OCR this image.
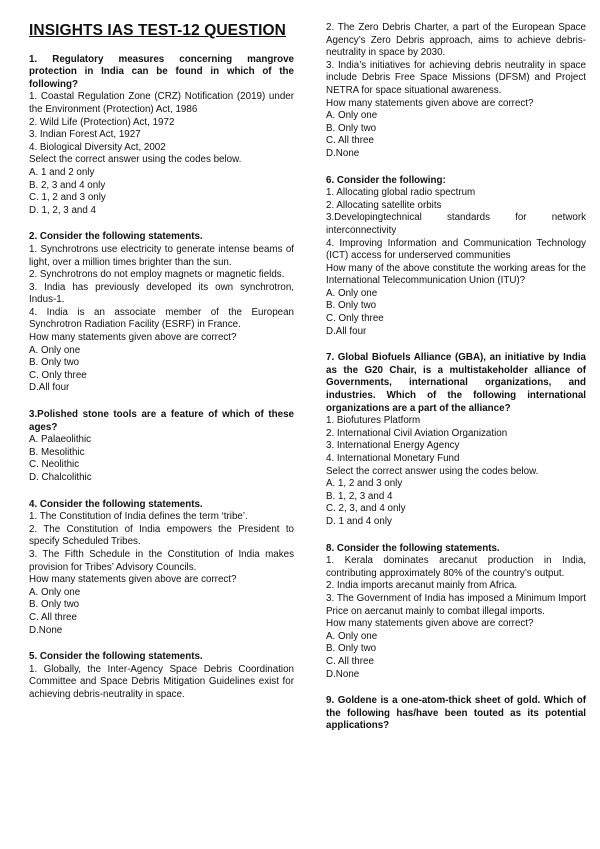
INSIGHTS IAS TEST-12 QUESTION
1. Regulatory measures concerning mangrove protection in India can be found in which of the following?
1. Coastal Regulation Zone (CRZ) Notification (2019) under the Environment (Protection) Act, 1986
2. Wild Life (Protection) Act, 1972
3. Indian Forest Act, 1927
4. Biological Diversity Act, 2002
Select the correct answer using the codes below.
A. 1 and 2 only
B. 2, 3 and 4 only
C. 1, 2 and 3 only
D. 1, 2, 3 and 4
2. Consider the following statements.
1. Synchrotrons use electricity to generate intense beams of light, over a million times brighter than the sun.
2. Synchrotrons do not employ magnets or magnetic fields.
3. India has previously developed its own synchrotron, Indus-1.
4. India is an associate member of the European Synchrotron Radiation Facility (ESRF) in France.
How many statements given above are correct?
A. Only one
B. Only two
C. Only three
D.All four
3.Polished stone tools are a feature of which of these ages?
A. Palaeolithic
B. Mesolithic
C. Neolithic
D. Chalcolithic
4. Consider the following statements.
1. The Constitution of India defines the term ‘tribe’.
2. The Constitution of India empowers the President to specify Scheduled Tribes.
3. The Fifth Schedule in the Constitution of India makes provision for Tribes’ Advisory Councils.
How many statements given above are correct?
A. Only one
B. Only two
C. All three
D.None
5. Consider the following statements.
1. Globally, the Inter-Agency Space Debris Coordination Committee and Space Debris Mitigation Guidelines exist for achieving debris-neutrality in space.
2. The Zero Debris Charter, a part of the European Space Agency’s Zero Debris approach, aims to achieve debris-neutrality in space by 2030.
3. India’s initiatives for achieving debris neutrality in space include Debris Free Space Missions (DFSM) and Project NETRA for space situational awareness.
How many statements given above are correct?
A. Only one
B. Only two
C. All three
D.None
6. Consider the following:
1. Allocating global radio spectrum
2. Allocating satellite orbits
3.Developingtechnical standards for network interconnectivity
4. Improving Information and Communication Technology (ICT) access for underserved communities
How many of the above constitute the working areas for the International Telecommunication Union (ITU)?
A. Only one
B. Only two
C. Only three
D.All four
7. Global Biofuels Alliance (GBA), an initiative by India as the G20 Chair, is a multistakeholder alliance of Governments, international organizations, and industries. Which of the following international organizations are a part of the alliance?
1. Biofutures Platform
2. International Civil Aviation Organization
3. International Energy Agency
4. International Monetary Fund
Select the correct answer using the codes below.
A. 1, 2 and 3 only
B. 1, 2, 3 and 4
C. 2, 3, and 4 only
D. 1 and 4 only
8. Consider the following statements.
1. Kerala dominates arecanut production in India, contributing approximately 80% of the country’s output.
2. India imports arecanut mainly from Africa.
3. The Government of India has imposed a Minimum Import Price on aercanut mainly to combat illegal imports.
How many statements given above are correct?
A. Only one
B. Only two
C. All three
D.None
9. Goldene is a one-atom-thick sheet of gold. Which of the following has/have been touted as its potential applications?
